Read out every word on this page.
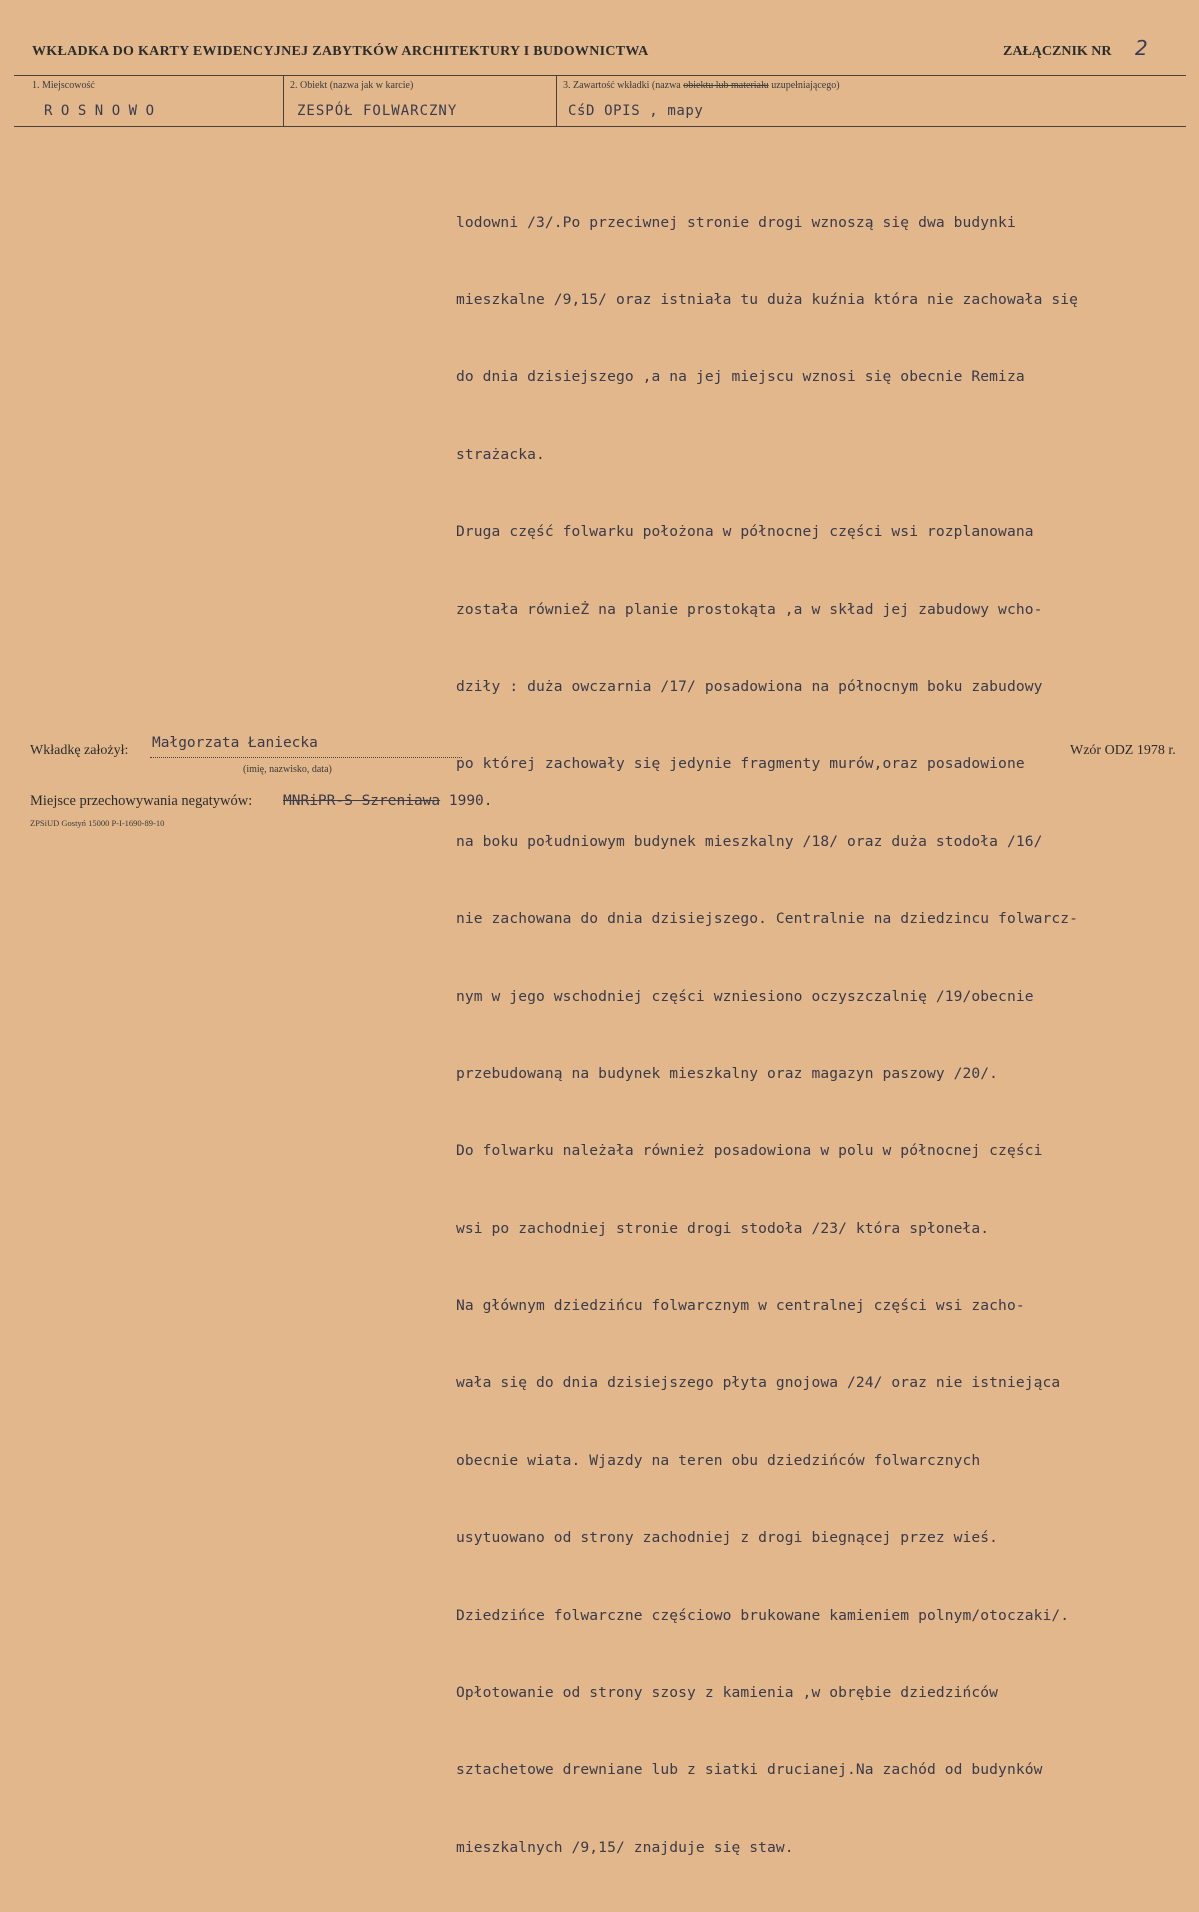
WKŁADKA DO KARTY EWIDENCYJNEJ ZABYTKÓW ARCHITEKTURY I BUDOWNICTWA	ZAŁĄCZNIK NR 2
1. Miejscowość	2. Obiekt (nazwa jak w karcie)	3. Zawartość wkładki (nazwa obiektu lub materiału uzupełniającego)
ROSNOWO	ZESPÓŁ FOLWARCZNY	CśD OPIS , mapy

lodowni /3/.Po przeciwnej stronie drogi wznoszą się dwa budynki

mieszkalne /9,15/ oraz istniała tu duża kuźnia która nie zachowała się

do dnia dzisiejszego ,a na jej miejscu wznosi się obecnie Remiza

strażacka.

Druga część folwarku położona w północnej części wsi rozplanowana

została równieŻ na planie prostokąta ,a w skład jej zabudowy wcho-

dziły : duża owczarnia /17/ posadowiona na północnym boku zabudowy

po której zachowały się jedynie fragmenty murów,oraz posadowione

na boku południowym budynek mieszkalny /18/ oraz duża stodoła /16/

nie zachowana do dnia dzisiejszego. Centralnie na dziedzincu folwarcz-

nym w jego wschodniej części wzniesiono oczyszczalnię /19/obecnie

przebudowaną na budynek mieszkalny oraz magazyn paszowy /20/.

Do folwarku należała również posadowiona w polu w północnej części

wsi po zachodniej stronie drogi stodoła /23/ która spłoneła.

Na głównym dziedzińcu folwarcznym w centralnej części wsi zacho-

wała się do dnia dzisiejszego płyta gnojowa /24/ oraz nie istniejąca

obecnie wiata. Wjazdy na teren obu dziedzińców folwarcznych

usytuowano od strony zachodniej z drogi biegnącej przez wieś.

Dziedzińce folwarczne częściowo brukowane kamieniem polnym/otoczaki/.

Opłotowanie od strony szosy z kamienia ,w obrębie dziedzińców

sztachetowe drewniane lub z siatki drucianej.Na zachód od budynków

mieszkalnych /9,15/ znajduje się staw.

Wkładkę założył: Małgorzata Łaniecka
(imię, nazwisko, data)
Wzór ODZ 1978 r.
Miejsce przechowywania negatywów: MNRiPR-S Szreniawa 1990.
ZPSiUD Gostyń 15000 P-I-1690-89-10
